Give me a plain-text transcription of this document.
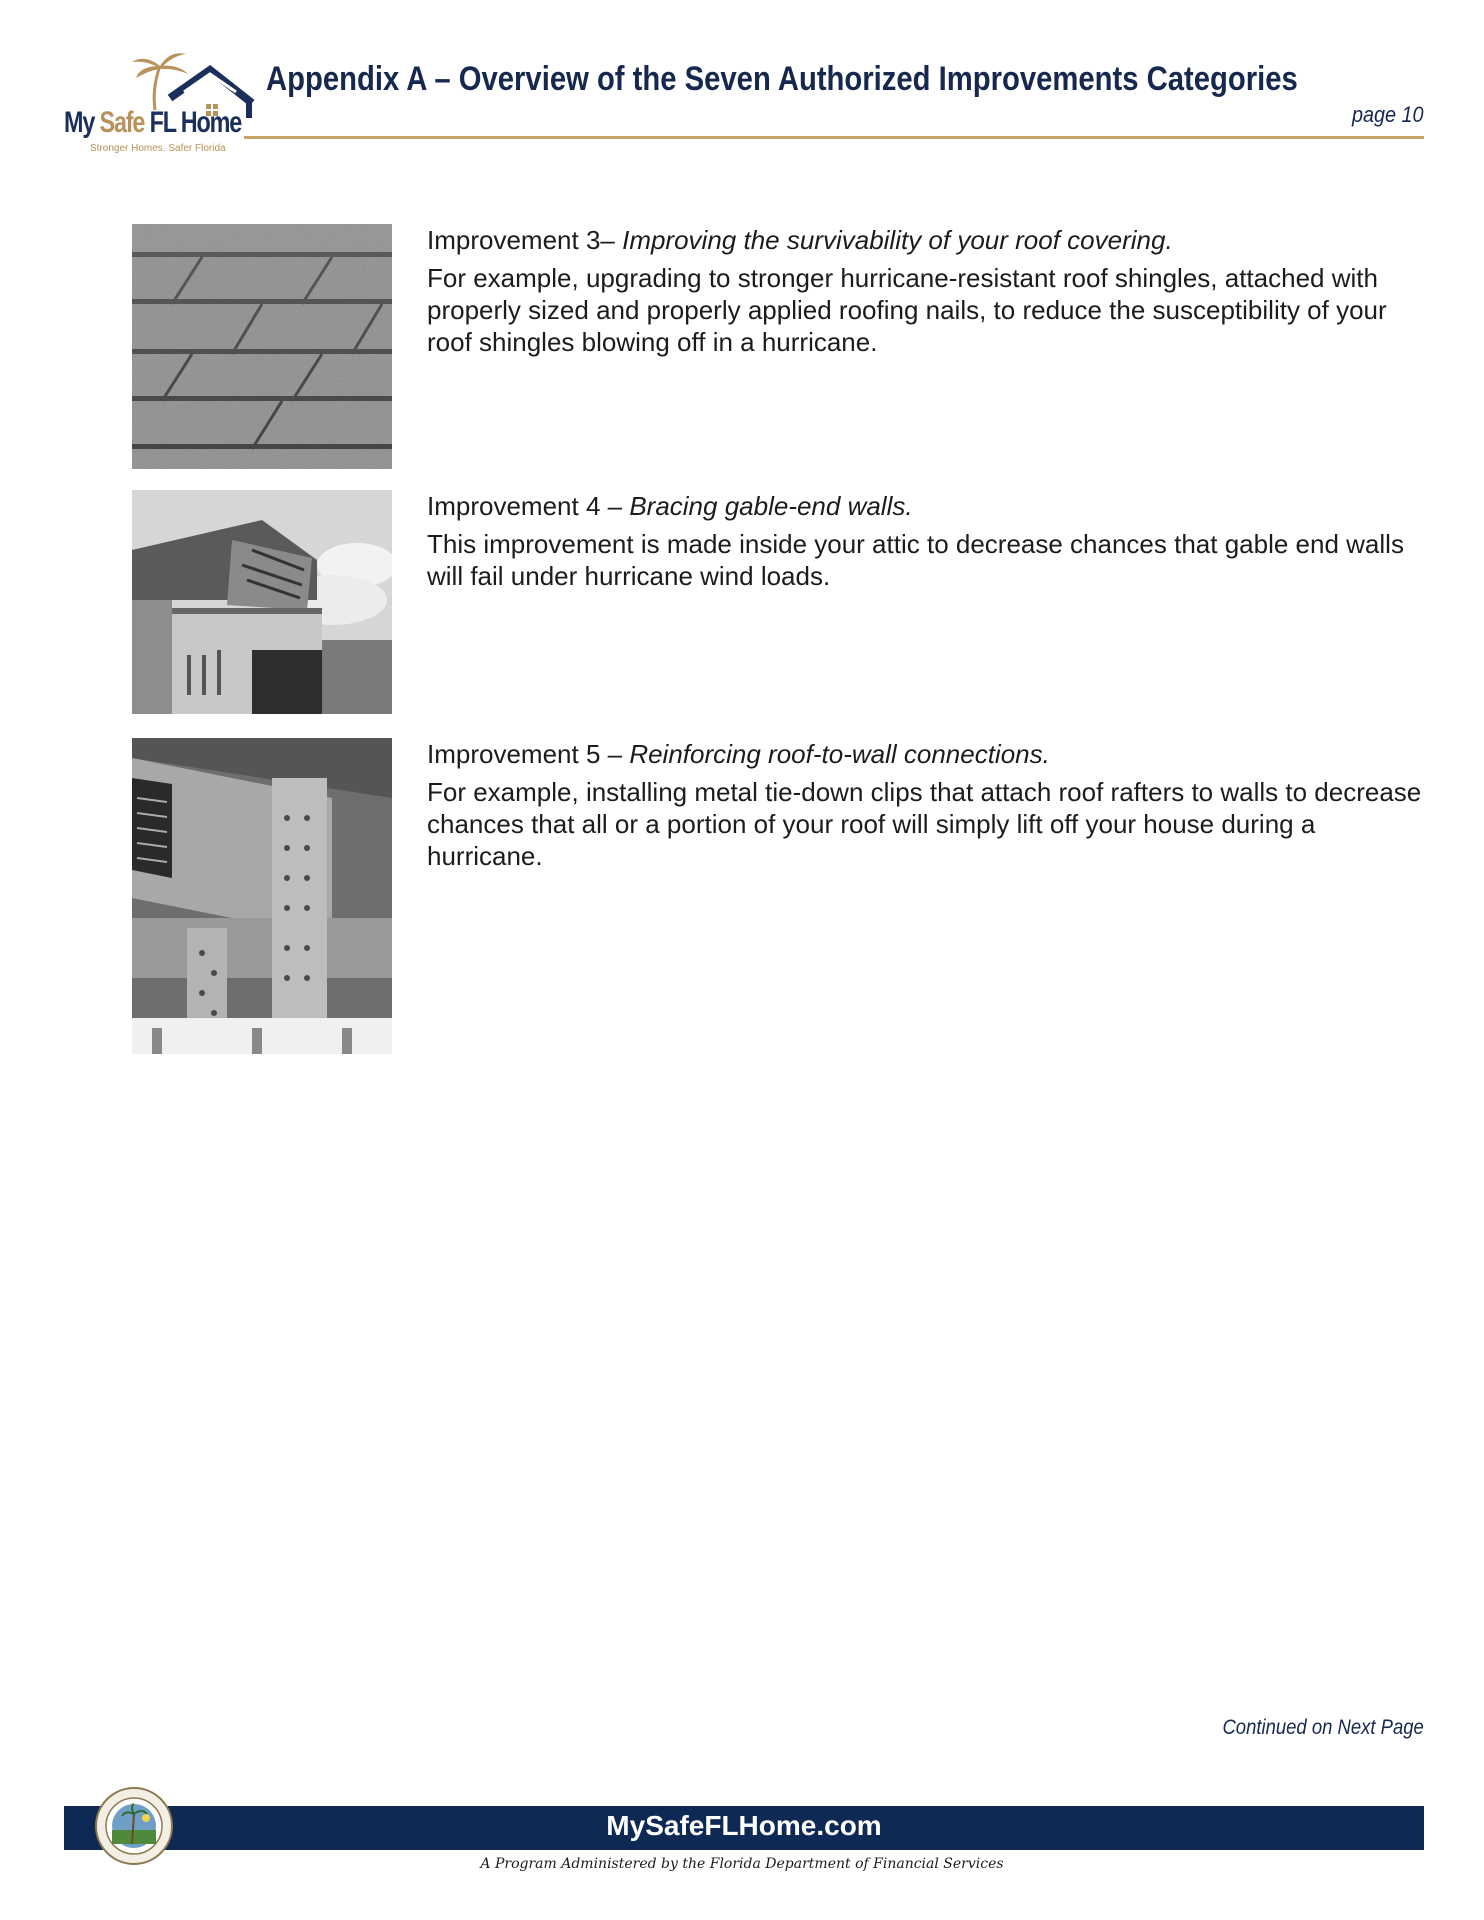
My Safe FL Home
Stronger Homes. Safer Florida
Appendix A – Overview of the Seven Authorized Improvements Categories
page 10

Improvement 3– Improving the survivability of your roof covering.

For example, upgrading to stronger hurricane-resistant roof shingles, attached with properly sized and properly applied roofing nails, to reduce the susceptibility of your roof shingles blowing off in a hurricane.

Improvement 4 – Bracing gable-end walls.

This improvement is made inside your attic to decrease chances that gable end walls will fail under hurricane wind loads.

Improvement 5 – Reinforcing roof-to-wall connections.

For example, installing metal tie-down clips that attach roof rafters to walls to decrease chances that all or a portion of your roof will simply lift off your house during a hurricane.

Continued on Next Page
MySafeFLHome.com
A Program Administered by the Florida Department of Financial Services
